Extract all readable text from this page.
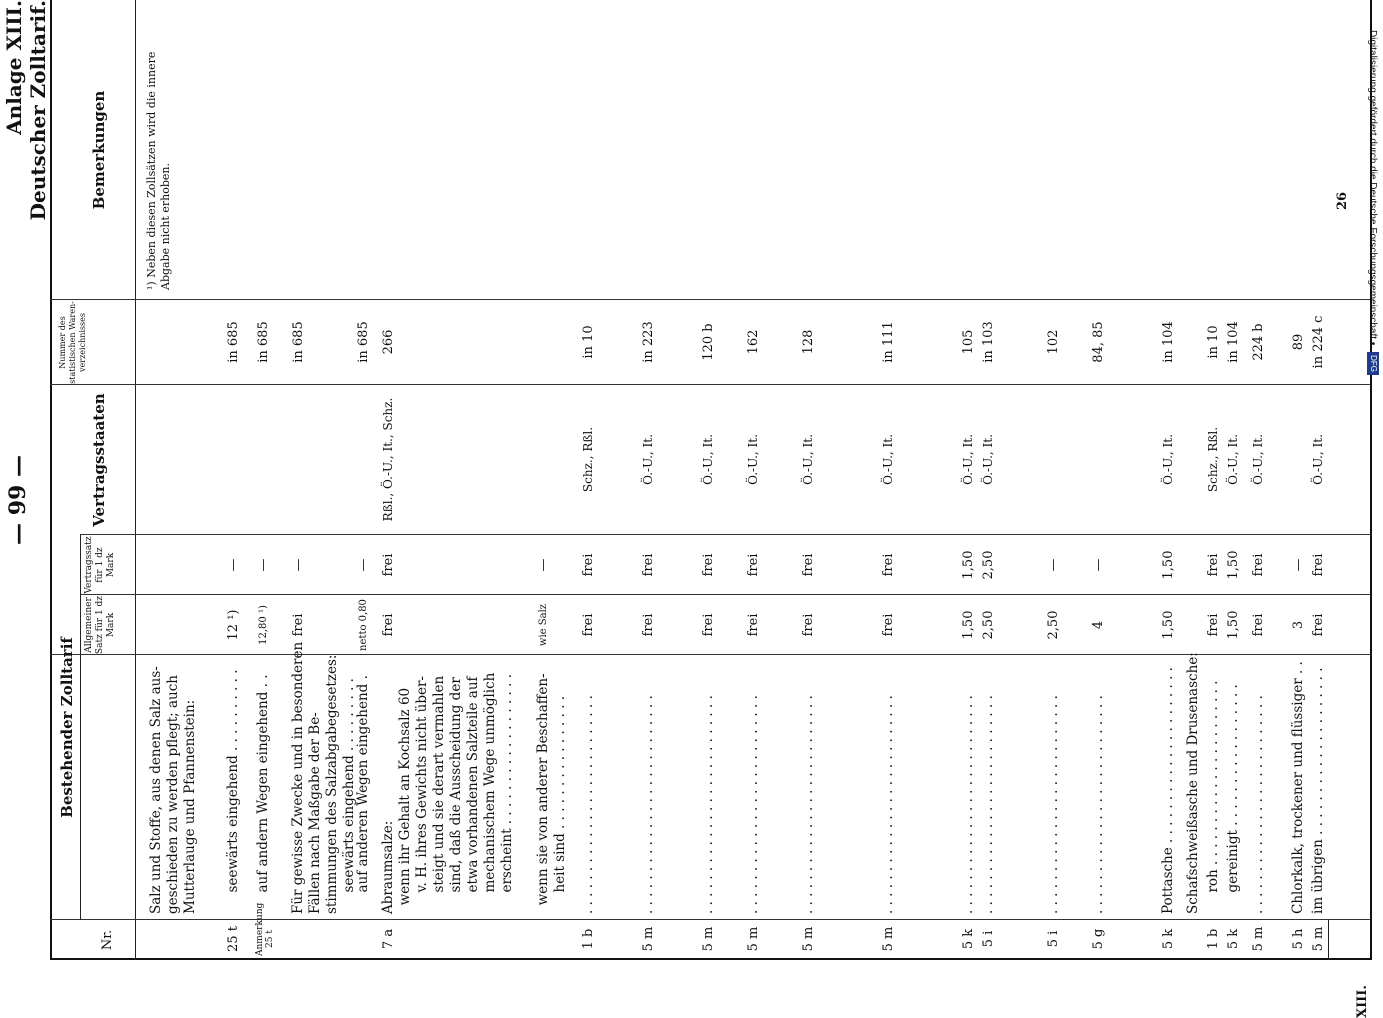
— 99 —
Anlage XIII. Deutscher Zolltarif.
Nr.
Bestehender Zolltarif
Allgemeiner Satz für 1 dz Mark
Vertragssatz für 1 dz Mark
Vertragsstaaten
Nummer des statistischen Waren-verzeichnisses
Bemerkungen	¹) Neben diesen Zollsätzen wird die innere Abgabe nicht erhoben.
Salz und Stoffe, aus denen Salz aus-
geschieden zu werden pflegt; auch
Mutterlauge und Pfannenstein:
25 t
seewärts eingehend . . . . . . . . . .
12 ¹)
—
in 685
Anmerkung 25 t
auf andern Wegen eingehend . .
12,80 ¹)
—
in 685
Für gewisse Zwecke und in besonderen
Fällen nach Maßgabe der Be-
stimmungen des Salzabgabegesetzes:
seewärts eingehend . . . . . . . . .
frei
—
in 685
auf anderen Wegen eingehend .
netto 0,80
—
in 685
7 a
Abraumsalze:
wenn ihr Gehalt an Kochsalz 60
v. H. ihres Gewichts nicht über-
steigt und sie derart vermahlen
sind, daß die Ausscheidung der
etwa vorhandenen Salzteile auf
mechanischem Wege unmöglich
erscheint . . . . . . . . . . . . . . . . . .
frei
frei
Rßl., Ö.-U., It., Schz.
266
wenn sie von anderer Beschaffen-
heit sind . . . . . . . . . . . . . . . .
wie Salz
—
1 b
. . . . . . . . . . . . . . . . . . . . . . . . . .
frei
frei
Schz., Rßl.
in 10
5 m
. . . . . . . . . . . . . . . . . . . . . . . . . .
frei
frei
Ö.-U., It.
in 223
5 m
. . . . . . . . . . . . . . . . . . . . . . . . . .
frei
frei
Ö.-U., It.
120 b
5 m
. . . . . . . . . . . . . . . . . . . . . . . . . .
frei
frei
Ö.-U., It.
162
5 m
. . . . . . . . . . . . . . . . . . . . . . . . . .
frei
frei
Ö.-U., It.
128
5 m
. . . . . . . . . . . . . . . . . . . . . . . . . .
frei
frei
Ö.-U., It.
in 111
5 k
. . . . . . . . . . . . . . . . . . . . . . . . . .
1,50
1,50
Ö.-U., It.
105
5 i
. . . . . . . . . . . . . . . . . . . . . . . . . .
2,50
2,50
Ö.-U., It.
in 103
5 i
. . . . . . . . . . . . . . . . . . . . . . . . . .
2,50
—
102
5 g
. . . . . . . . . . . . . . . . . . . . . . . . . .
4
—
84, 85
5 k
Pottasche . . . . . . . . . . . . . . . . . . . . .
1,50
1,50
Ö.-U., It.
in 104
Schafschweißasche und Drusenasche:
1 b
roh . . . . . . . . . . . . . . . . . . . . . .
frei
frei
Schz., Rßl.
in 10
5 k
gereinigt . . . . . . . . . . . . . . . . .
1,50
1,50
Ö.-U., It.
in 104
5 m
. . . . . . . . . . . . . . . . . . . . . . . . . .
frei
frei
Ö.-U., It.
224 b
5 h
Chlorkalk, trockener und flüssiger . .
3
—
89
5 m
im übrigen . . . . . . . . . . . . . . . . . . . .
frei
frei
Ö.-U., It.
in 224 c
XIII.
26	Digitalisierung gefördert durch die Deutsche Forschungsgemeinschaft • DFG
